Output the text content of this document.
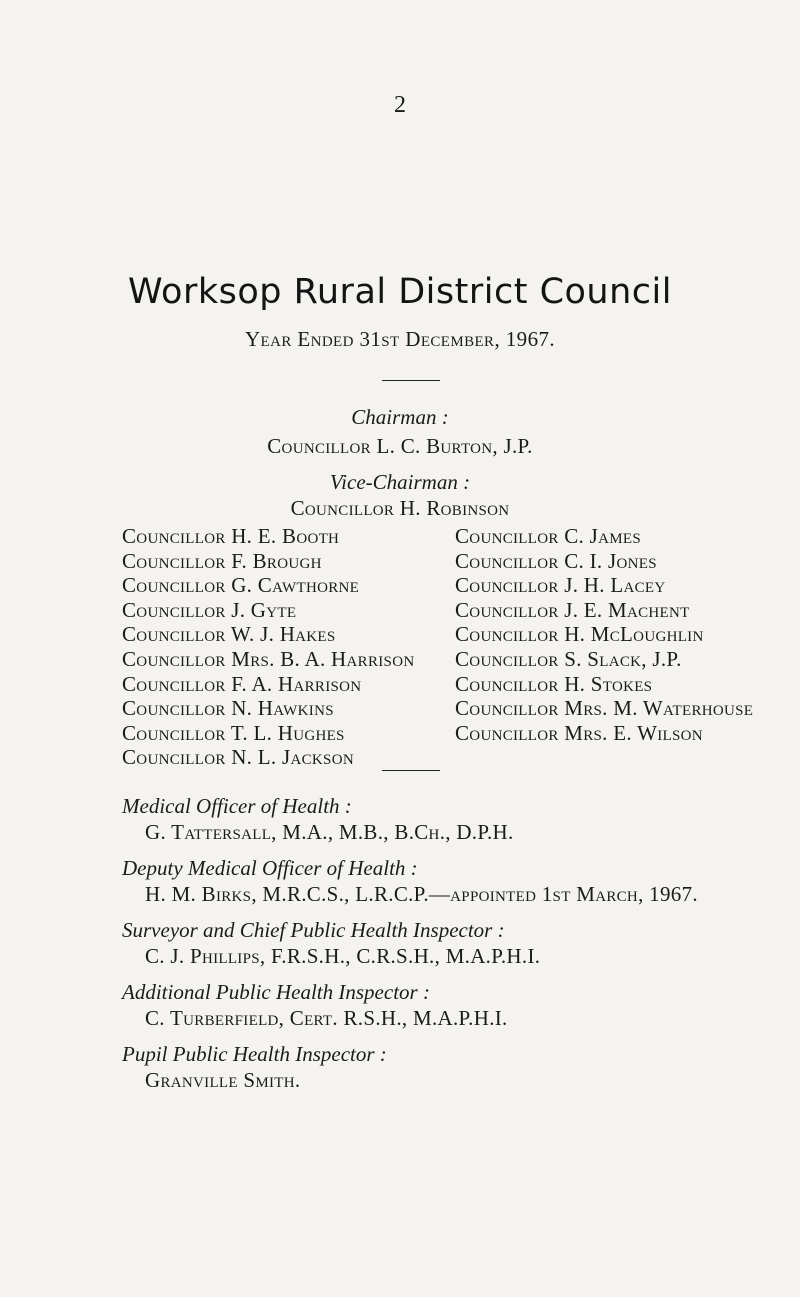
2
Worksop Rural District Council
Year Ended 31st December, 1967.
Chairman :
Councillor L. C. Burton, J.P.
Vice-Chairman :
Councillor H. Robinson
Councillor H. E. Booth
Councillor F. Brough
Councillor G. Cawthorne
Councillor J. Gyte
Councillor W. J. Hakes
Councillor Mrs. B. A. Harrison
Councillor F. A. Harrison
Councillor N. Hawkins
Councillor T. L. Hughes
Councillor N. L. Jackson
Councillor C. James
Councillor C. I. Jones
Councillor J. H. Lacey
Councillor J. E. Machent
Councillor H. McLoughlin
Councillor S. Slack, J.P.
Councillor H. Stokes
Councillor Mrs. M. Waterhouse
Councillor Mrs. E. Wilson
Medical Officer of Health :
G. Tattersall, M.A., M.B., B.Ch., D.P.H.
Deputy Medical Officer of Health :
H. M. Birks, M.R.C.S., L.R.C.P.—appointed 1st March, 1967.
Surveyor and Chief Public Health Inspector :
C. J. Phillips, F.R.S.H., C.R.S.H., M.A.P.H.I.
Additional Public Health Inspector :
C. Turberfield, Cert. R.S.H., M.A.P.H.I.
Pupil Public Health Inspector :
Granville Smith.
